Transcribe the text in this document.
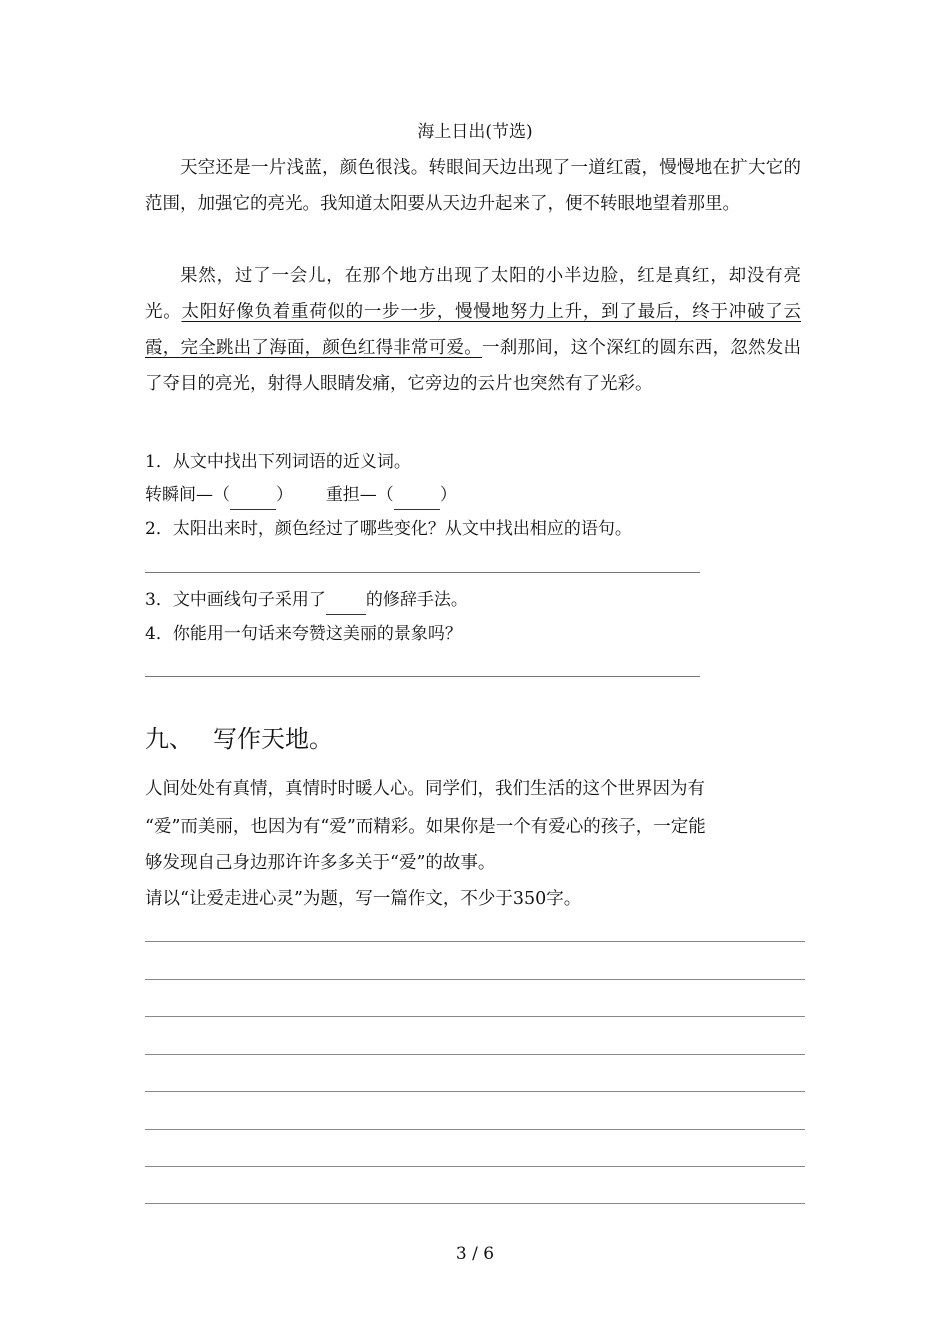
海上日出(节选)

天空还是一片浅蓝，颜色很浅。转眼间天边出现了一道红霞，慢慢地在扩大它的范围，加强它的亮光。我知道太阳要从天边升起来了，便不转眼地望着那里。

果然，过了一会儿，在那个地方出现了太阳的小半边脸，红是真红，却没有亮光。太阳好像负着重荷似的一步一步，慢慢地努力上升，到了最后，终于冲破了云霞，完全跳出了海面，颜色红得非常可爱。一刹那间，这个深红的圆东西，忽然发出了夺目的亮光，射得人眼睛发痛，它旁边的云片也突然有了光彩。

1．从文中找出下列词语的近义词。
转瞬间—（	） 重担—（	）
2．太阳出来时，颜色经过了哪些变化？从文中找出相应的语句。
3．文中画线句子采用了 的修辞手法。
4．你能用一句话来夸赞这美丽的景象吗？
九、 写作天地。
人间处处有真情，真情时时暖人心。同学们，我们生活的这个世界因为有
“爱”而美丽，也因为有“爱”而精彩。如果你是一个有爱心的孩子，一定能
够发现自己身边那许许多多关于“爱”的故事。
请以“让爱走进心灵”为题，写一篇作文，不少于350字。
3 / 6
